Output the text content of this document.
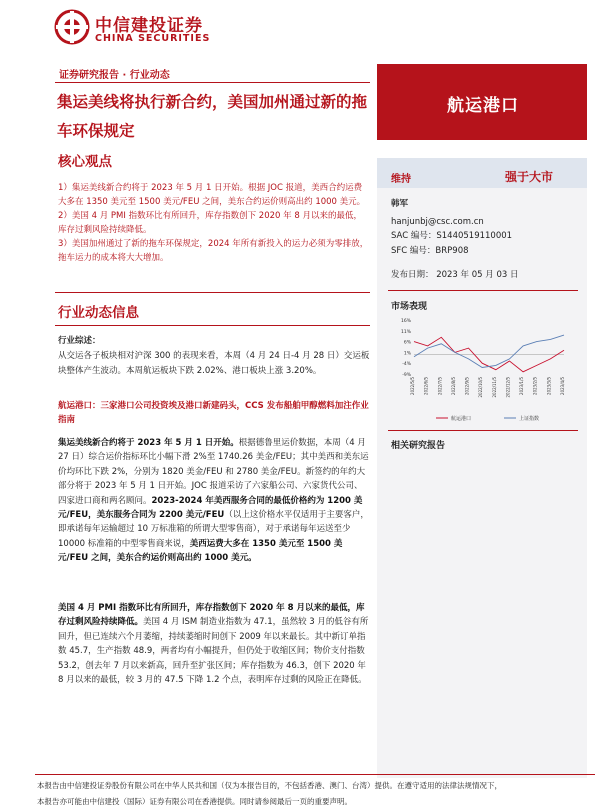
中信建投证券
CHINA SECURITIES
证券研究报告 · 行业动态
集运美线将执行新合约，美国加州通过新的拖车环保规定
航运港口
核心观点

1）集运美线新合约将于 2023 年 5 月 1 日开始。根据 JOC 报道，美西合约运费大多在 1350 美元至 1500 美元/FEU 之间，美东合约运价则高出约 1000 美元。

2）美国 4 月 PMI 指数环比有所回升，库存指数创下 2020 年 8 月以来的最低，库存过剩风险持续降低。

3）美国加州通过了新的拖车环保规定，2024 年所有新投入的运力必须为零排放，拖车运力的成本将大大增加。

行业动态信息
行业综述：
从交运各子板块相对沪深 300 的表现来看，本周（4 月 24 日-4 月 28 日）交运板块整体产生波动。本周航运板块下跌 2.02%、港口板块上涨 3.20%。
航运港口：三家港口公司投资埃及港口新建码头，CCS 发布船舶甲醇燃料加注作业指南
集运美线新合约将于 2023 年 5 月 1 日开始。根据德鲁里运价数据，本周（4 月 27 日）综合运价指标环比小幅下滑 2%至 1740.26 美金/FEU；其中美西和美东运价均环比下跌 2%，分别为 1820 美金/FEU 和 2780 美金/FEU。新签约的年约大部分将于 2023 年 5 月 1 日开始。JOC 报道采访了六家船公司、六家货代公司、四家进口商和两名顾问。2023-2024 年美西服务合同的最低价格约为 1200 美元/FEU，美东服务合同为 2200 美元/FEU（以上这价格水平仅适用于主要客户，即承诺每年运输超过 10 万标准箱的所谓大型零售商），对于承诺每年运送至少 10000 标准箱的中型零售商来说，美西运费大多在 1350 美元至 1500 美元/FEU 之间，美东合约运价则高出约 1000 美元。
美国 4 月 PMI 指数环比有所回升，库存指数创下 2020 年 8 月以来的最低，库存过剩风险持续降低。美国 4 月 ISM 制造业指数为 47.1，虽然较 3 月的低谷有所回升，但已连续六个月萎缩，持续萎缩时间创下 2009 年以来最长。其中新订单指数 45.7，生产指数 48.9，两者均有小幅提升，但仍处于收缩区间；物价支付指数 53.2，创去年 7 月以来新高，回升至扩张区间；库存指数为 46.3，创下 2020 年 8 月以来的最低，较 3 月的 47.5 下降 1.2 个点，表明库存过剩的风险正在降低。
维持	强于大市
韩军
hanjunbj@csc.com.cn
SAC 编号：S1440519110001
SFC 编号：BRP908
发布日期： 2023 年 05 月 03 日
市场表现
16%
11%
6%
1%
-4%
-9%
2022/5/5 2022/6/5 2022/7/5 2022/8/5 2022/9/5 2022/10/5 2022/11/5 2022/12/5 2023/1/5 2023/2/5 2023/3/5 2023/4/5
航运港口	上证指数
相关研究报告
本报告由中信建投证券股份有限公司在中华人民共和国（仅为本报告目的，不包括香港、澳门、台湾）提供。在遵守适用的法律法规情况下，
本报告亦可能由中信建投（国际）证券有限公司在香港提供。同时请参阅最后一页的重要声明。
